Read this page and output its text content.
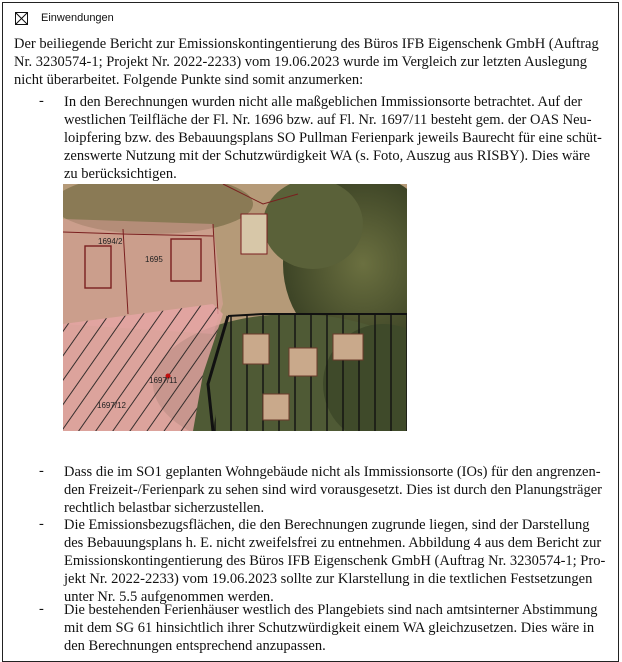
Einwendungen
Der beiliegende Bericht zur Emissionskontingentierung des Büros IFB Eigenschenk GmbH (Auftrag
Nr. 3230574-1; Projekt Nr. 2022-2233) vom 19.06.2023 wurde im Vergleich zur letzten Auslegung
nicht überarbeitet. Folgende Punkte sind somit anzumerken:
- In den Berechnungen wurden nicht alle maßgeblichen Immissionsorte betrachtet. Auf der
westlichen Teilfläche der Fl. Nr. 1696 bzw. auf Fl. Nr. 1697/11 besteht gem. der OAS Neu-
loipfering bzw. des Bebauungsplans SO Pullman Ferienpark jeweils Baurecht für eine schüt-
zenswerte Nutzung mit der Schutzwürdigkeit WA (s. Foto, Auszug aus RISBY). Dies wäre
zu berücksichtigen.
1694/2
1695
1697/11
1697/12
- Dass die im SO1 geplanten Wohngebäude nicht als Immissionsorte (IOs) für den angrenzen-
den Freizeit-/Ferienpark zu sehen sind wird vorausgesetzt. Dies ist durch den Planungsträger
rechtlich belastbar sicherzustellen.
- Die Emissionsbezugsflächen, die den Berechnungen zugrunde liegen, sind der Darstellung
des Bebauungsplans h. E. nicht zweifelsfrei zu entnehmen. Abbildung 4 aus dem Bericht zur
Emissionskontingentierung des Büros IFB Eigenschenk GmbH (Auftrag Nr. 3230574-1; Pro-
jekt Nr. 2022-2233) vom 19.06.2023 sollte zur Klarstellung in die textlichen Festsetzungen
unter Nr. 5.5 aufgenommen werden.
- Die bestehenden Ferienhäuser westlich des Plangebiets sind nach amtsinterner Abstimmung
mit dem SG 61 hinsichtlich ihrer Schutzwürdigkeit einem WA gleichzusetzen. Dies wäre in
den Berechnungen entsprechend anzupassen.
